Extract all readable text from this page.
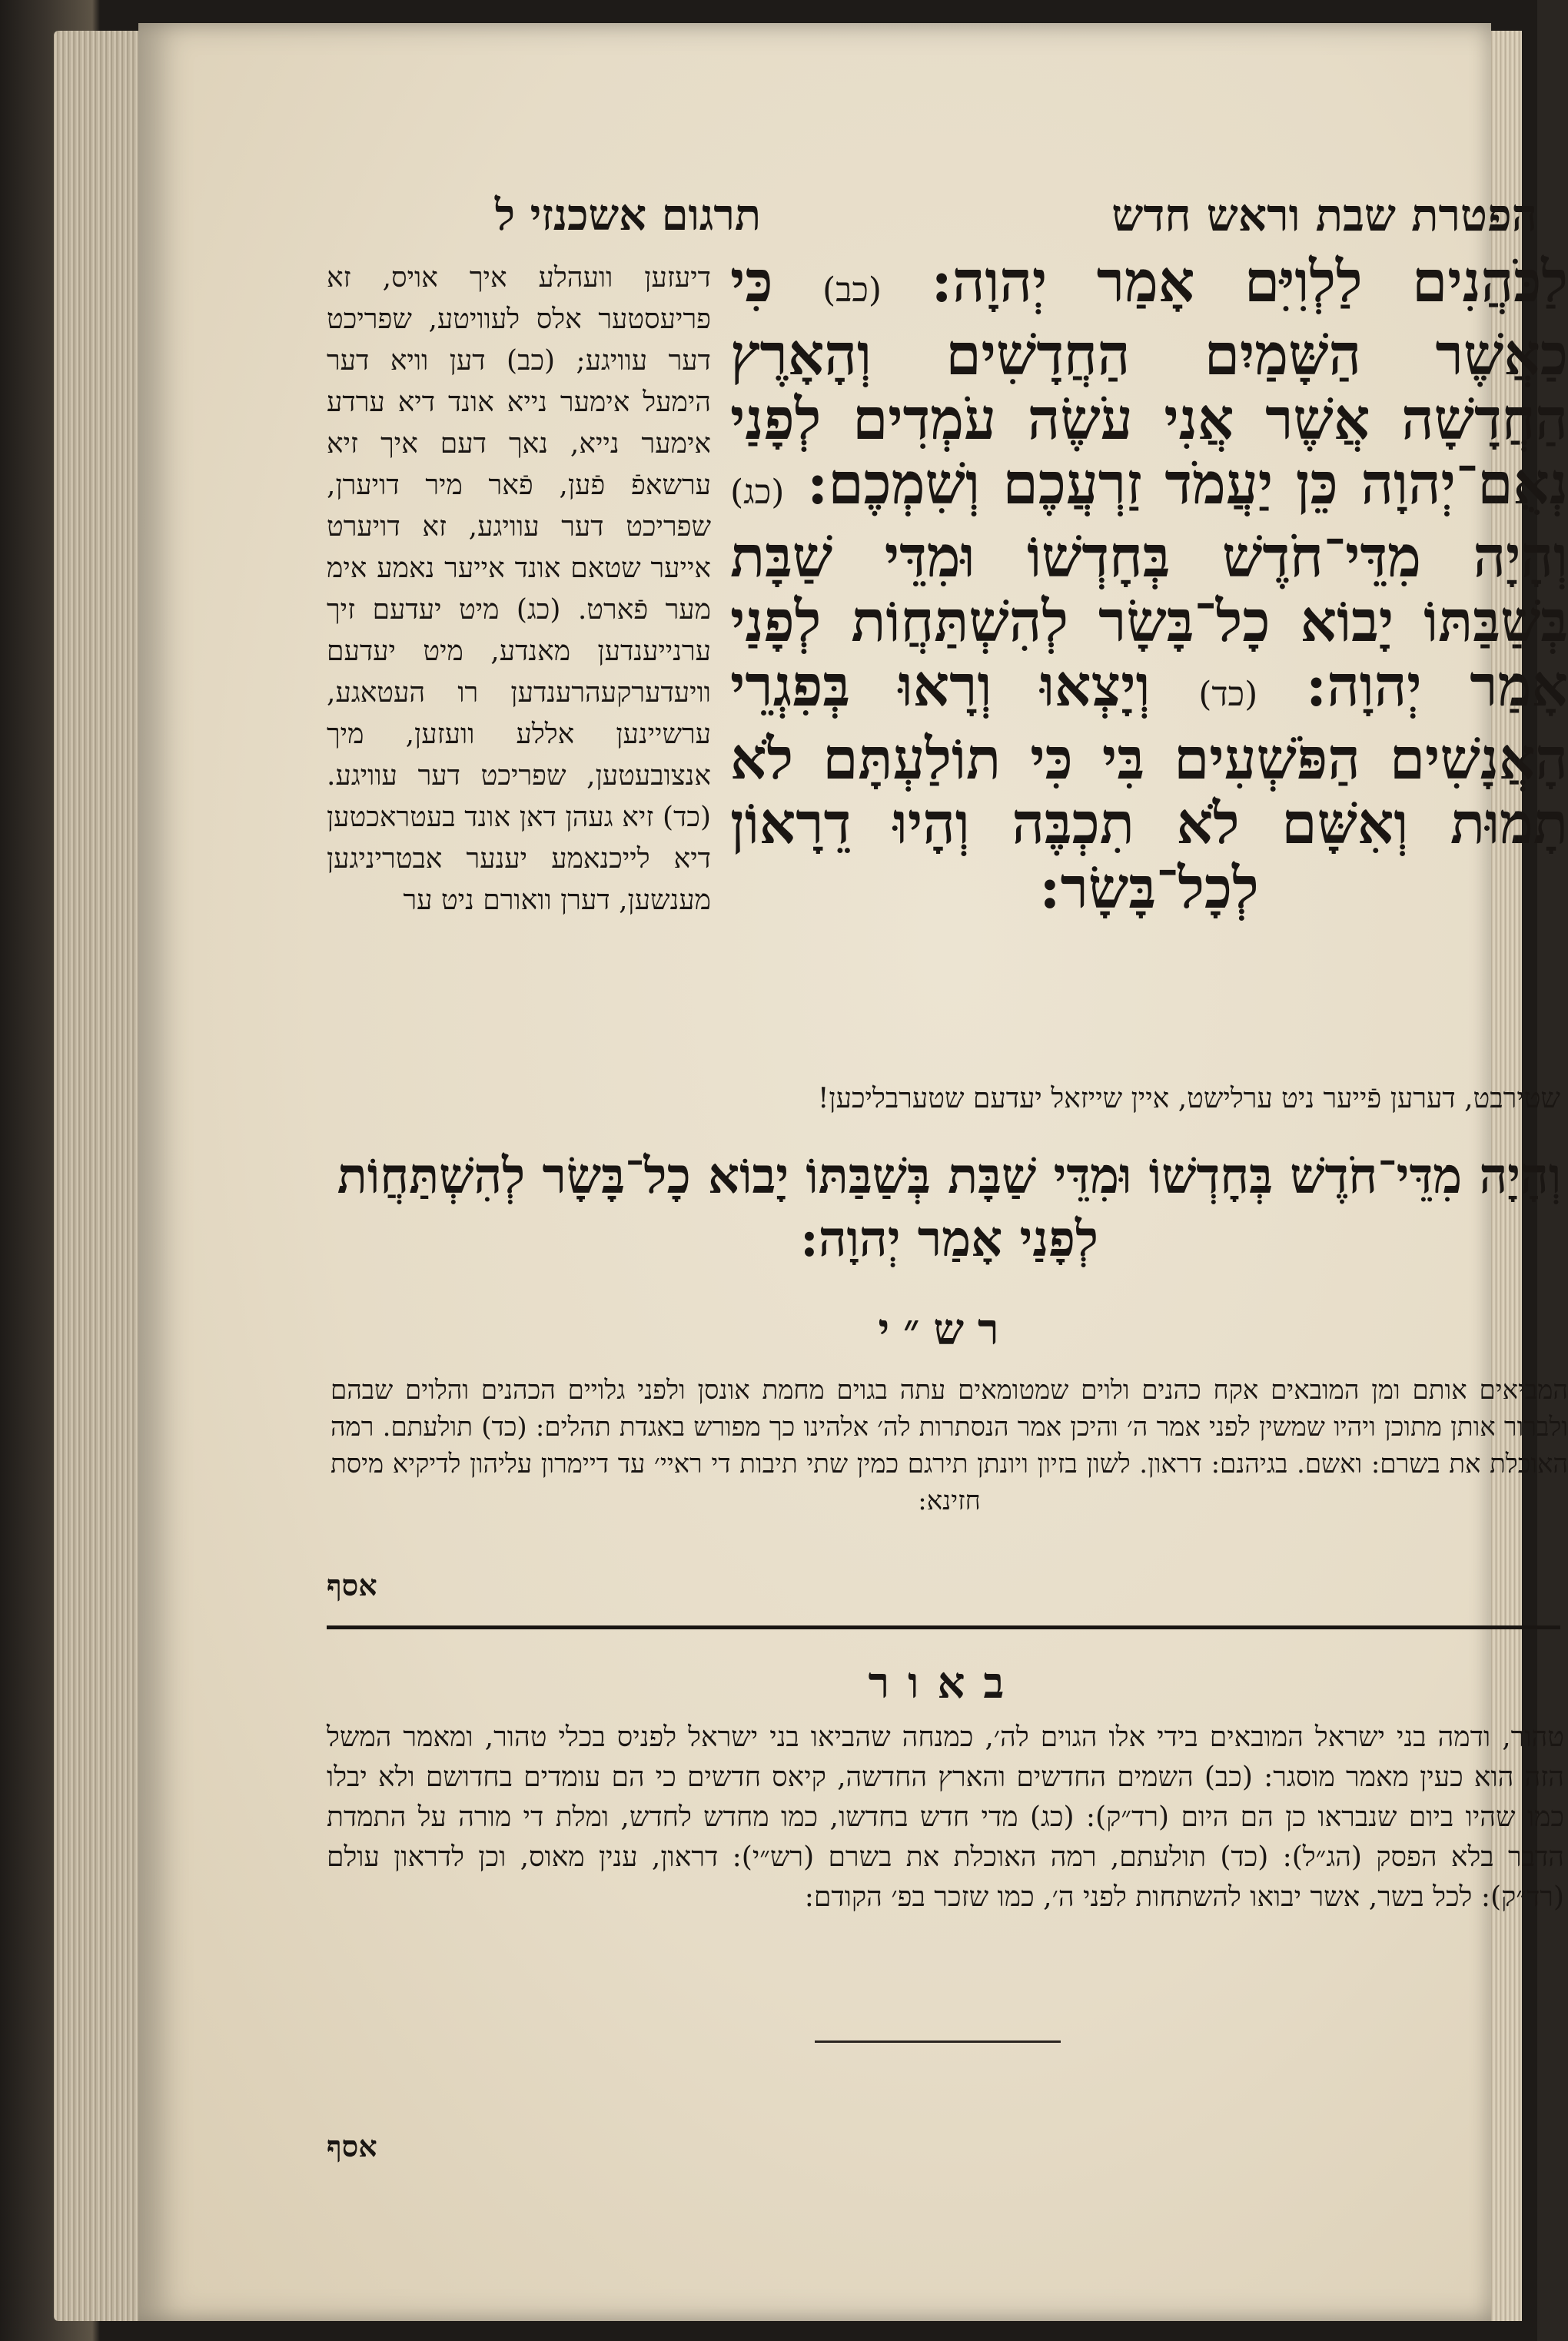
הפטרת שבת וראש חדש
תרגום אשכנזי ל
לַכֹּהֲנִים לַלְוִיִּם אָמַר יְהוָה: (כב) כִּי כַאֲשֶׁר הַשָּׁמַיִם הַחֲדָשִׁים וְהָאָרֶץ הַחֲדָשָׁה אֲשֶׁר אֲנִי עֹשֶׂה עֹמְדִים לְפָנַי נְאֻם־יְהוָה כֵּן יַעֲמֹד זַרְעֲכֶם וְשִׁמְכֶם: (כג) וְהָיָה מִדֵּי־חֹדֶשׁ בְּחָדְשׁוֹ וּמִדֵּי שַׁבָּת בְּשַׁבַּתּוֹ יָבוֹא כָל־בָּשָׂר לְהִשְׁתַּחֲוֹת לְפָנַי אָמַר יְהוָה: (כד) וְיָצְאוּ וְרָאוּ בְּפִגְרֵי הָאֲנָשִׁים הַפֹּשְׁעִים בִּי כִּי תוֹלַעְתָּם לֹא תָמוּת וְאִשָּׁם לֹא תִכְבֶּה וְהָיוּ דֵרָאוֹן לְכָל־בָּשָׂר:
דיעזען וועהלע איך אויס, זא פריעסטער אלס לעוויטע, שפריכט דער עוויגע; (כב) דען וויא דער הימעל אימער נייא אונד דיא ערדע אימער נייא, נאך דעם איך זיא ערשאפֿ פֿען, פֿאר מיר דויערן, שפריכט דער עוויגע, זא דויערט אייער שטאם אונד אייער נאמע אימ מער פֿארט. (כג) מיט יעדעם זיך ערנייענדען מאנדע, מיט יעדעם וויעדערקעהרענדען רו העטאגע, ערשיינען אללע וועזען, מיך אנצובעטען, שפריכט דער עוויגע. (כד) זיא געהן דאן אונד בעטראכטען דיא לייכנאמע יענער אבטריניגען מענשען, דערן וואורם ניט ער
שטירבט, דערען פֿייער ניט ערלישט, איין שייזאל יעדעם שטערבליכען!
וְהָיָה מִדֵּי־חֹדֶשׁ בְּחָדְשׁוֹ וּמִדֵּי שַׁבָּת בְּשַׁבַּתּוֹ יָבוֹא כָל־בָּשָׂר לְהִשְׁתַּחֲוֹת לְפָנַי אָמַר יְהוָה:
רש״י
המביאים אותם ומן המובאים אקח כהנים ולוים שמטומאים עתה בגוים מחמת אונסן ולפני גלויים הכהנים והלוים שבהם ולברור אותן מתוכן ויהיו שמשין לפני אמר ה׳ והיכן אמר הנסתרות לה׳ אלהינו כך מפורש באגדת תהלים: (כד) תולעתם. רמה האוכלת את בשרם: ואשם. בגיהנם: דראון. לשון בזיון ויונתן תירגם כמין שתי תיבות די ראיי׳ עד דיימרון עליהון לדיקיא מיסת חזינא:
אסף
באור
טהור, ודמה בני ישראל המובאים בידי אלו הגוים לה׳, כמנחה שהביאו בני ישראל לפניס בכלי טהור, ומאמר המשל הזה הוא כעין מאמר מוסגר: (כב) השמים החדשים והארץ החדשה, קיאס חדשים כי הם עומדים בחדושם ולא יבלו כמו שהיו ביום שנבראו כן הם היום (רד״ק): (כג) מדי חדש בחדשו, כמו מחדש לחדש, ומלת די מורה על התמדת הדבר בלא הפסק (הג״ל): (כד) תולעתם, רמה האוכלת את בשרם (רש״י): דראון, ענין מאוס, וכן לדראון עולם (רד״ק): לכל בשר, אשר יבואו להשתחות לפני ה׳, כמו שזכר בפ׳ הקודם:
אסף
